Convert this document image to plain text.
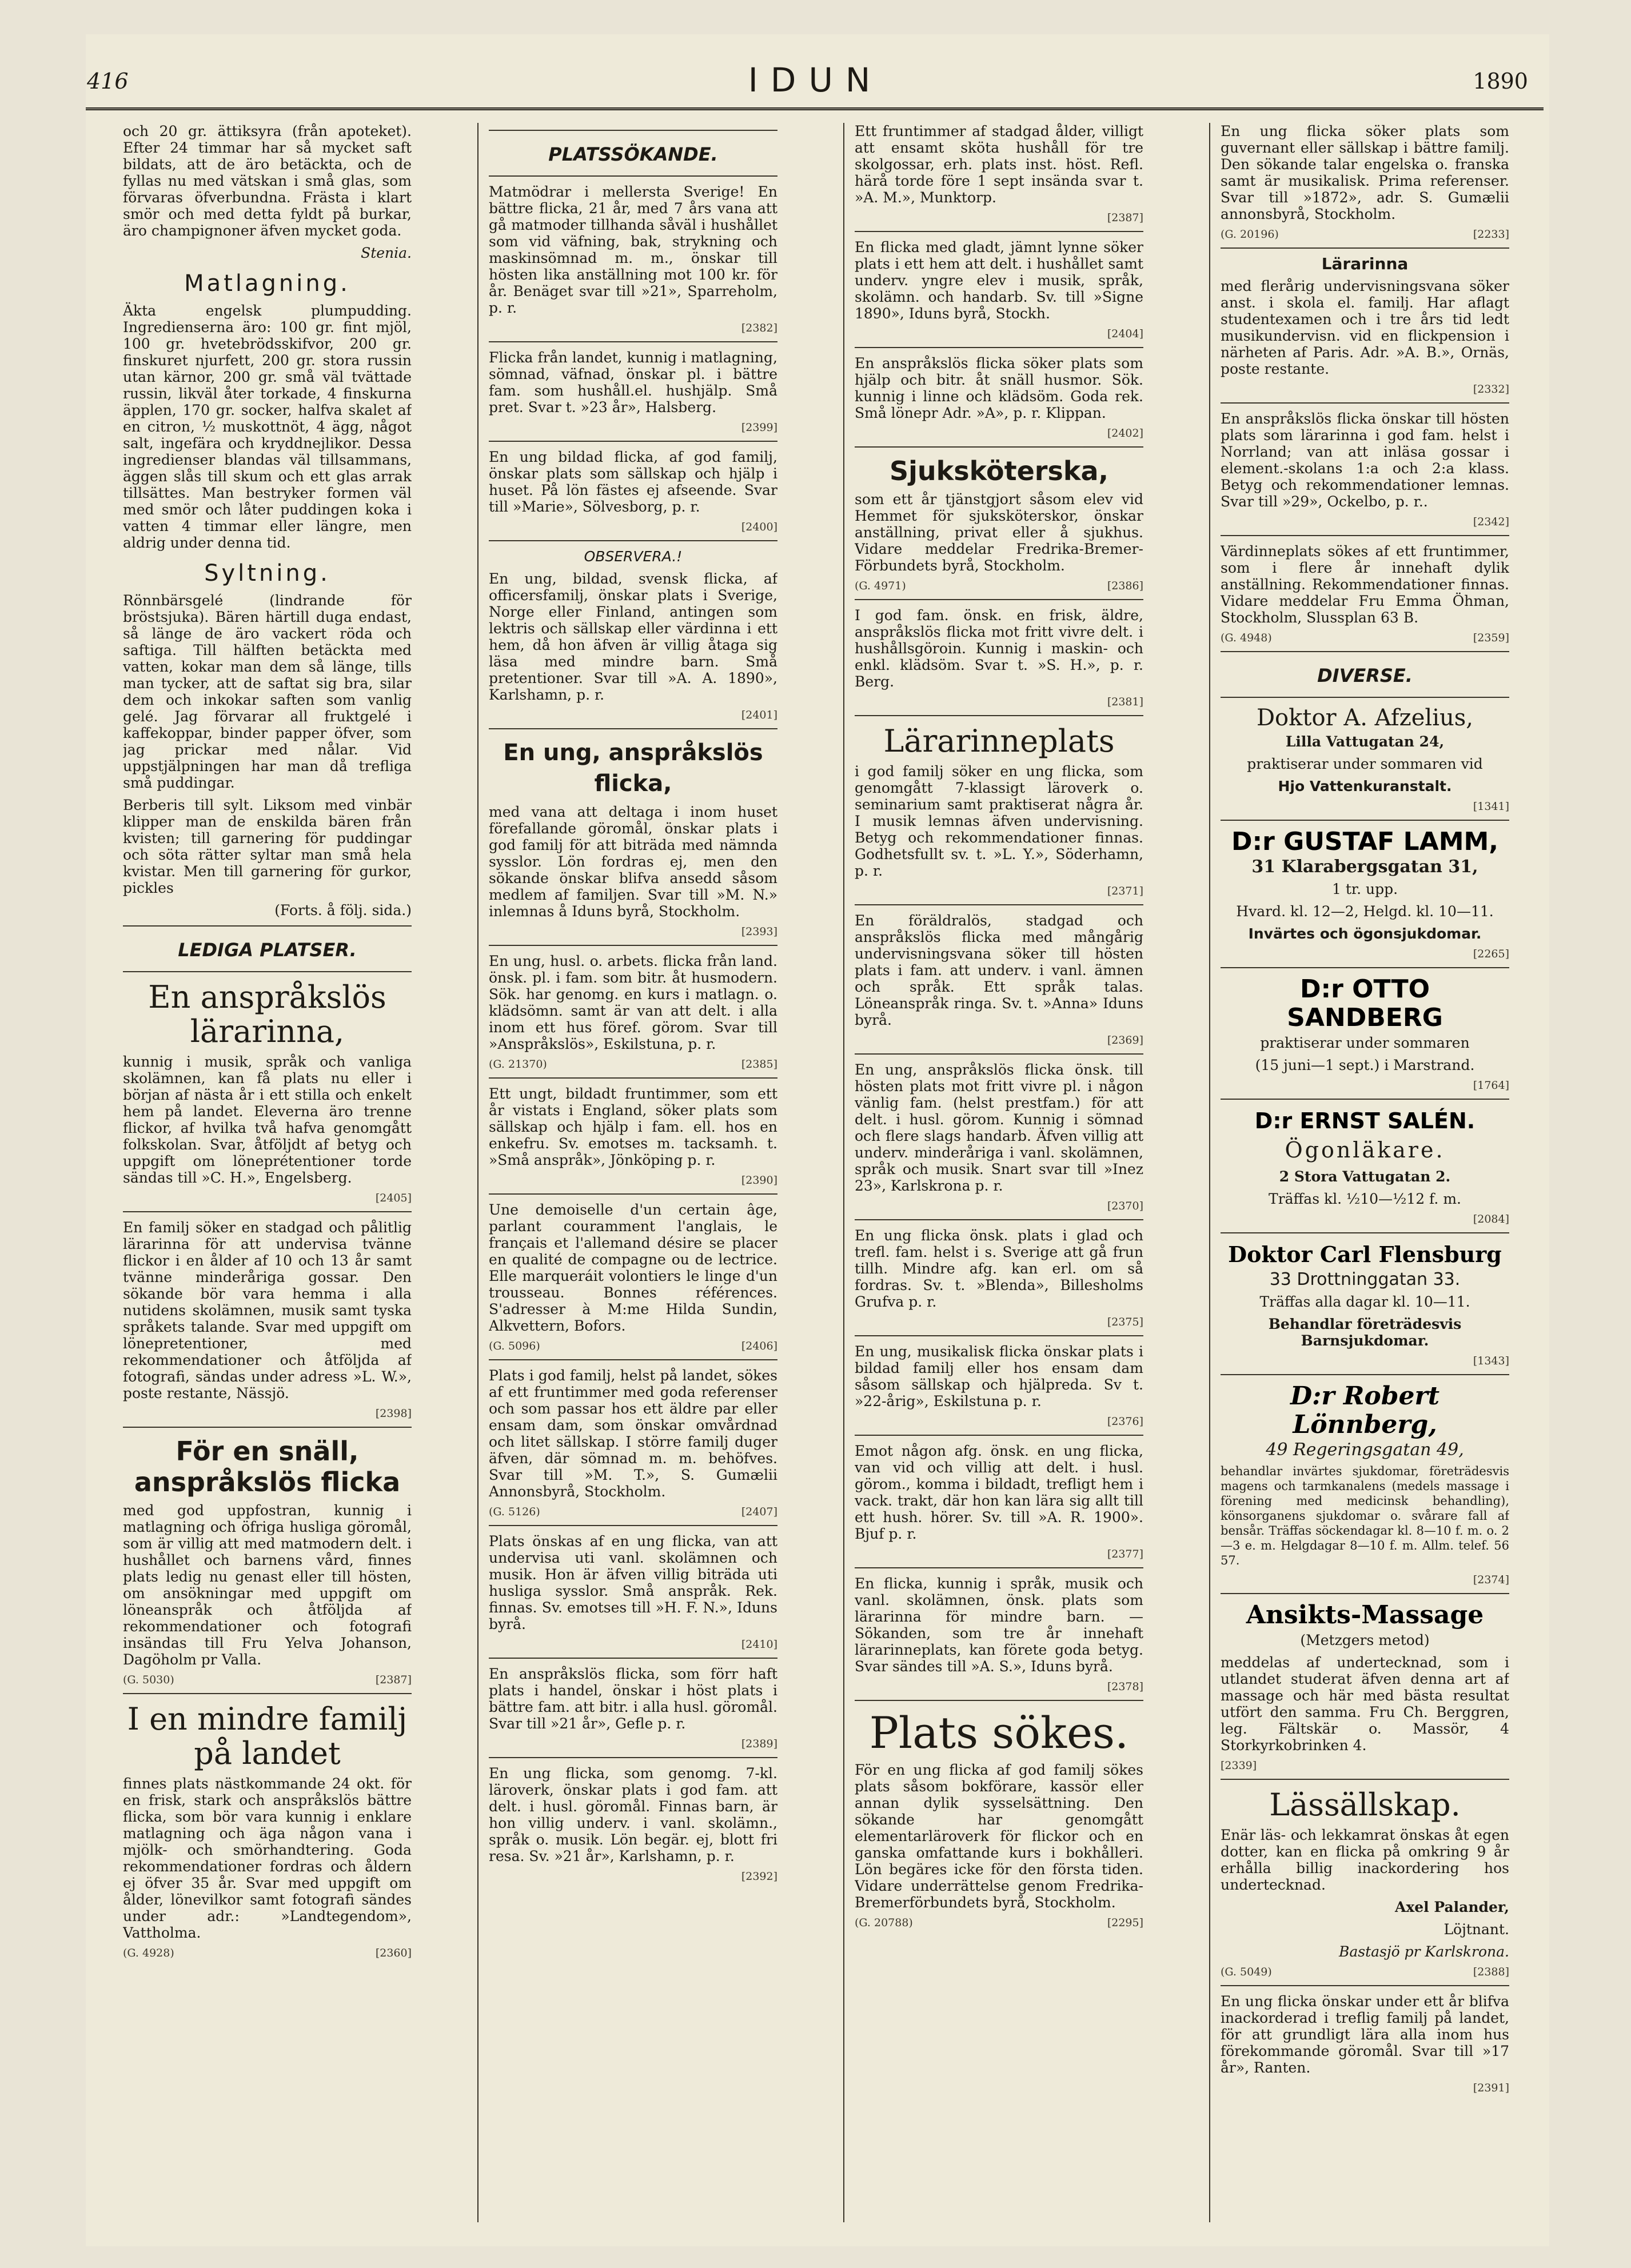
416	IDUN	1890

och 20 gr. ättiksyra (från apoteket). Efter 24 timmar har så mycket saft bildats, att de äro betäckta, och de fyllas nu med vätskan i små glas, som förvaras öfverbundna. Frästa i klart smör och med detta fyldt på burkar, äro champignoner äfven mycket goda.

Stenia.

Matlagning.

Äkta engelsk plumpudding. Ingredienserna äro: 100 gr. fint mjöl, 100 gr. hvetebrödsskifvor, 200 gr. finskuret njurfett, 200 gr. stora russin utan kärnor, 200 gr. små väl tvättade russin, likväl åter torkade, 4 finskurna äpplen, 170 gr. socker, halfva skalet af en citron, ½ muskottnöt, 4 ägg, något salt, ingefära och kryddnejlikor. Dessa ingredienser blandas väl tillsammans, äggen slås till skum och ett glas arrak tillsättes. Man bestryker formen väl med smör och låter puddingen koka i vatten 4 timmar eller längre, men aldrig under denna tid.

Syltning.

Rönnbärsgelé (lindrande för bröstsjuka). Bären härtill duga endast, så länge de äro vackert röda och saftiga. Till hälften betäckta med vatten, kokar man dem så länge, tills man tycker, att de saftat sig bra, silar dem och inkokar saften som vanlig gelé. Jag förvarar all fruktgelé i kaffekoppar, binder papper öfver, som jag prickar med nålar. Vid uppstjälpningen har man då trefliga små puddingar.

Berberis till sylt. Liksom med vinbär klipper man de enskilda bären från kvisten; till garnering för puddingar och söta rätter syltar man små hela kvistar. Men till garnering för gurkor, pickles

(Forts. å följ. sida.)

LEDIGA PLATSER.
En anspråkslös lärarinna,

kunnig i musik, språk och vanliga skolämnen, kan få plats nu eller i början af nästa år i ett stilla och enkelt hem på landet. Eleverna äro trenne flickor, af hvilka två hafva genomgått folkskolan. Svar, åtföljdt af betyg och uppgift om löneprétentioner torde sändas till »C. H.», Engelsberg.

[2405]

En familj söker en stadgad och pålitlig lärarinna för att undervisa tvänne flickor i en ålder af 10 och 13 år samt tvänne minderåriga gossar. Den sökande bör vara hemma i alla nutidens skolämnen, musik samt tyska språkets talande. Svar med uppgift om lönepretentioner, med rekommendationer och åtföljda af fotografi, sändas under adress »L. W.», poste restante, Nässjö.

[2398]
För en snäll, anspråkslös flicka

med god uppfostran, kunnig i matlagning och öfriga husliga göromål, som är villig att med matmodern delt. i hushållet och barnens vård, finnes plats ledig nu genast eller till hösten, om ansökningar med uppgift om löneanspråk och åtföljda af rekommendationer och fotografi insändas till Fru Yelva Johanson, Dagöholm pr Valla.

(G. 5030)	[2387]
I en mindre familj på landet

finnes plats nästkommande 24 okt. för en frisk, stark och anspråkslös bättre flicka, som bör vara kunnig i enklare matlagning och äga någon vana i mjölk- och smörhandtering. Goda rekommendationer fordras och åldern ej öfver 35 år. Svar med uppgift om ålder, lönevilkor samt fotografi sändes under adr.: »Landtegendom», Vattholma.

(G. 4928)	[2360]
PLATSSÖKANDE.

Matmödrar i mellersta Sverige! En bättre flicka, 21 år, med 7 års vana att gå matmoder tillhanda såväl i hushållet som vid väfning, bak, strykning och maskinsömnad m. m., önskar till hösten lika anställning mot 100 kr. för år. Benäget svar till »21», Sparreholm, p. r.

[2382]

Flicka från landet, kunnig i matlagning, sömnad, väfnad, önskar pl. i bättre fam. som hushåll.el. hushjälp. Små pret. Svar t. »23 år», Halsberg.

[2399]

En ung bildad flicka, af god familj, önskar plats som sällskap och hjälp i huset. På lön fästes ej afseende. Svar till »Marie», Sölvesborg, p. r.

[2400]

OBSERVERA.!

En ung, bildad, svensk flicka, af officersfamilj, önskar plats i Sverige, Norge eller Finland, antingen som lektris och sällskap eller värdinna i ett hem, då hon äfven är villig åtaga sig läsa med mindre barn. Små pretentioner. Svar till »A. A. 1890», Karlshamn, p. r.

[2401]
En ung, anspråkslös flicka,

med vana att deltaga i inom huset förefallande göromål, önskar plats i god familj för att biträda med nämnda sysslor. Lön fordras ej, men den sökande önskar blifva ansedd såsom medlem af familjen. Svar till »M. N.» inlemnas å Iduns byrå, Stockholm.

[2393]

En ung, husl. o. arbets. flicka från land. önsk. pl. i fam. som bitr. åt husmodern. Sök. har genomg. en kurs i matlagn. o. klädsömn. samt är van att delt. i alla inom ett hus föref. görom. Svar till »Anspråkslös», Eskilstuna, p. r.

(G. 21370)	[2385]

Ett ungt, bildadt fruntimmer, som ett år vistats i England, söker plats som sällskap och hjälp i fam. ell. hos en enkefru. Sv. emotses m. tacksamh. t. »Små anspråk», Jönköping p. r.

[2390]

Une demoiselle d'un certain âge, parlant couramment l'anglais, le français et l'allemand désire se placer en qualité de compagne ou de lectrice. Elle marqueráit volontiers le linge d'un trousseau. Bonnes références. S'adresser à M:me Hilda Sundin, Alkvettern, Bofors.

(G. 5096)	[2406]

Plats i god familj, helst på landet, sökes af ett fruntimmer med goda referenser och som passar hos ett äldre par eller ensam dam, som önskar omvårdnad och litet sällskap. I större familj duger äfven, där sömnad m. m. behöfves. Svar till »M. T.», S. Gumælii Annonsbyrå, Stockholm.

(G. 5126)	[2407]

Plats önskas af en ung flicka, van att undervisa uti vanl. skolämnen och musik. Hon är äfven villig biträda uti husliga sysslor. Små anspråk. Rek. finnas. Sv. emotses till »H. F. N.», Iduns byrå.

[2410]

En anspråkslös flicka, som förr haft plats i handel, önskar i höst plats i bättre fam. att bitr. i alla husl. göromål. Svar till »21 år», Gefle p. r.

[2389]

En ung flicka, som genomg. 7-kl. läroverk, önskar plats i god fam. att delt. i husl. göromål. Finnas barn, är hon villig underv. i vanl. skolämn., språk o. musik. Lön begär. ej, blott fri resa. Sv. »21 år», Karlshamn, p. r.

[2392]

Ett fruntimmer af stadgad ålder, villigt att ensamt sköta hushåll för tre skolgossar, erh. plats inst. höst. Refl. härå torde före 1 sept insända svar t. »A. M.», Munktorp.

[2387]

En flicka med gladt, jämnt lynne söker plats i ett hem att delt. i hushållet samt underv. yngre elev i musik, språk, skolämn. och handarb. Sv. till »Signe 1890», Iduns byrå, Stockh.

[2404]

En anspråkslös flicka söker plats som hjälp och bitr. åt snäll husmor. Sök. kunnig i linne och klädsöm. Goda rek. Små lönepr Adr. »A», p. r. Klippan.

[2402]
Sjuksköterska,

som ett år tjänstgjort såsom elev vid Hemmet för sjuksköterskor, önskar anställning, privat eller å sjukhus. Vidare meddelar Fredrika-Bremer-Förbundets byrå, Stockholm.

(G. 4971)	[2386]

I god fam. önsk. en frisk, äldre, anspråkslös flicka mot fritt vivre delt. i hushållsgöroin. Kunnig i maskin- och enkl. klädsöm. Svar t. »S. H.», p. r. Berg.

[2381]
Lärarinneplats

i god familj söker en ung flicka, som genomgått 7-klassigt läroverk o. seminarium samt praktiserat några år. I musik lemnas äfven undervisning. Betyg och rekommendationer finnas. Godhetsfullt sv. t. »L. Y.», Söderhamn, p. r.

[2371]

En föräldralös, stadgad och anspråkslös flicka med mångårig undervisningsvana söker till hösten plats i fam. att underv. i vanl. ämnen och språk. Ett språk talas. Löneanspråk ringa. Sv. t. »Anna» Iduns byrå.

[2369]

En ung, anspråkslös flicka önsk. till hösten plats mot fritt vivre pl. i någon vänlig fam. (helst prestfam.) för att delt. i husl. görom. Kunnig i sömnad och flere slags handarb. Äfven villig att underv. minderåriga i vanl. skolämnen, språk och musik. Snart svar till »Inez 23», Karlskrona p. r.

[2370]

En ung flicka önsk. plats i glad och trefl. fam. helst i s. Sverige att gå frun tillh. Mindre afg. kan erl. om så fordras. Sv. t. »Blenda», Billesholms Grufva p. r.

[2375]

En ung, musikalisk flicka önskar plats i bildad familj eller hos ensam dam såsom sällskap och hjälpreda. Sv t. »22-årig», Eskilstuna p. r.

[2376]

Emot någon afg. önsk. en ung flicka, van vid och villig att delt. i husl. görom., komma i bildadt, trefligt hem i vack. trakt, där hon kan lära sig allt till ett hush. hörer. Sv. till »A. R. 1900». Bjuf p. r.

[2377]

En flicka, kunnig i språk, musik och vanl. skolämnen, önsk. plats som lärarinna för mindre barn. — Sökanden, som tre år innehaft lärarinneplats, kan förete goda betyg. Svar sändes till »A. S.», Iduns byrå.

[2378]
Plats sökes.

För en ung flicka af god familj sökes plats såsom bokförare, kassör eller annan dylik sysselsättning. Den sökande har genomgått elementarläroverk för flickor och en ganska omfattande kurs i bokhålleri. Lön begäres icke för den första tiden. Vidare underrättelse genom Fredrika-Bremerförbundets byrå, Stockholm.

(G. 20788)	[2295]

En ung flicka söker plats som guvernant eller sällskap i bättre familj. Den sökande talar engelska o. franska samt är musikalisk. Prima referenser. Svar till »1872», adr. S. Gumælii annonsbyrå, Stockholm.

(G. 20196)	[2233]

Lärarinna

med flerårig undervisningsvana söker anst. i skola el. familj. Har aflagt studentexamen och i tre års tid ledt musikundervisn. vid en flickpension i närheten af Paris. Adr. »A. B.», Ornäs, poste restante.

[2332]

En anspråkslös flicka önskar till hösten plats som lärarinna i god fam. helst i Norrland; van att inläsa gossar i element.-skolans 1:a och 2:a klass. Betyg och rekommendationer lemnas. Svar till »29», Ockelbo, p. r..

[2342]

Värdinneplats sökes af ett fruntimmer, som i flere år innehaft dylik anställning. Rekommendationer finnas. Vidare meddelar Fru Emma Öhman, Stockholm, Slussplan 63 B.

(G. 4948)	[2359]
DIVERSE.
Doktor A. Afzelius,

Lilla Vattugatan 24,

praktiserar under sommaren vid

Hjo Vattenkuranstalt.

[1341]
D:r GUSTAF LAMM,

31 Klarabergsgatan 31,

1 tr. upp.

Hvard. kl. 12—2, Helgd. kl. 10—11.

Invärtes och ögonsjukdomar.

[2265]
D:r OTTO SANDBERG

praktiserar under sommaren

(15 juni—1 sept.) i Marstrand.

[1764]
D:r ERNST SALÉN.

Ögonläkare.

2 Stora Vattugatan 2.

Träffas kl. ½10—½12 f. m.

[2084]
Doktor Carl Flensburg

33 Drottninggatan 33.

Träffas alla dagar kl. 10—11.

Behandlar företrädesvis Barnsjukdomar.

[1343]
D:r Robert Lönnberg,

49 Regeringsgatan 49,

behandlar invärtes sjukdomar, företrädesvis magens och tarmkanalens (medels massage i förening med medicinsk behandling), könsorganens sjukdomar o. svårare fall af bensår. Träffas söckendagar kl. 8—10 f. m. o. 2—3 e. m. Helgdagar 8—10 f. m. Allm. telef. 56 57.

[2374]
Ansikts-Massage

(Metzgers metod)

meddelas af undertecknad, som i utlandet studerat äfven denna art af massage och här med bästa resultat utfört den samma. Fru Ch. Berggren, leg. Fältskär o. Massör, 4 Storkyrkobrinken 4.

[2339]
Lässällskap.

Enär läs- och lekkamrat önskas åt egen dotter, kan en flicka på omkring 9 år erhålla billig inackordering hos undertecknad.

Axel Palander,

Löjtnant.

Bastasjö pr Karlskrona.

(G. 5049)	[2388]

En ung flicka önskar under ett år blifva inackorderad i treflig familj på landet, för att grundligt lära alla inom hus förekommande göromål. Svar till »17 år», Ranten.

[2391]
